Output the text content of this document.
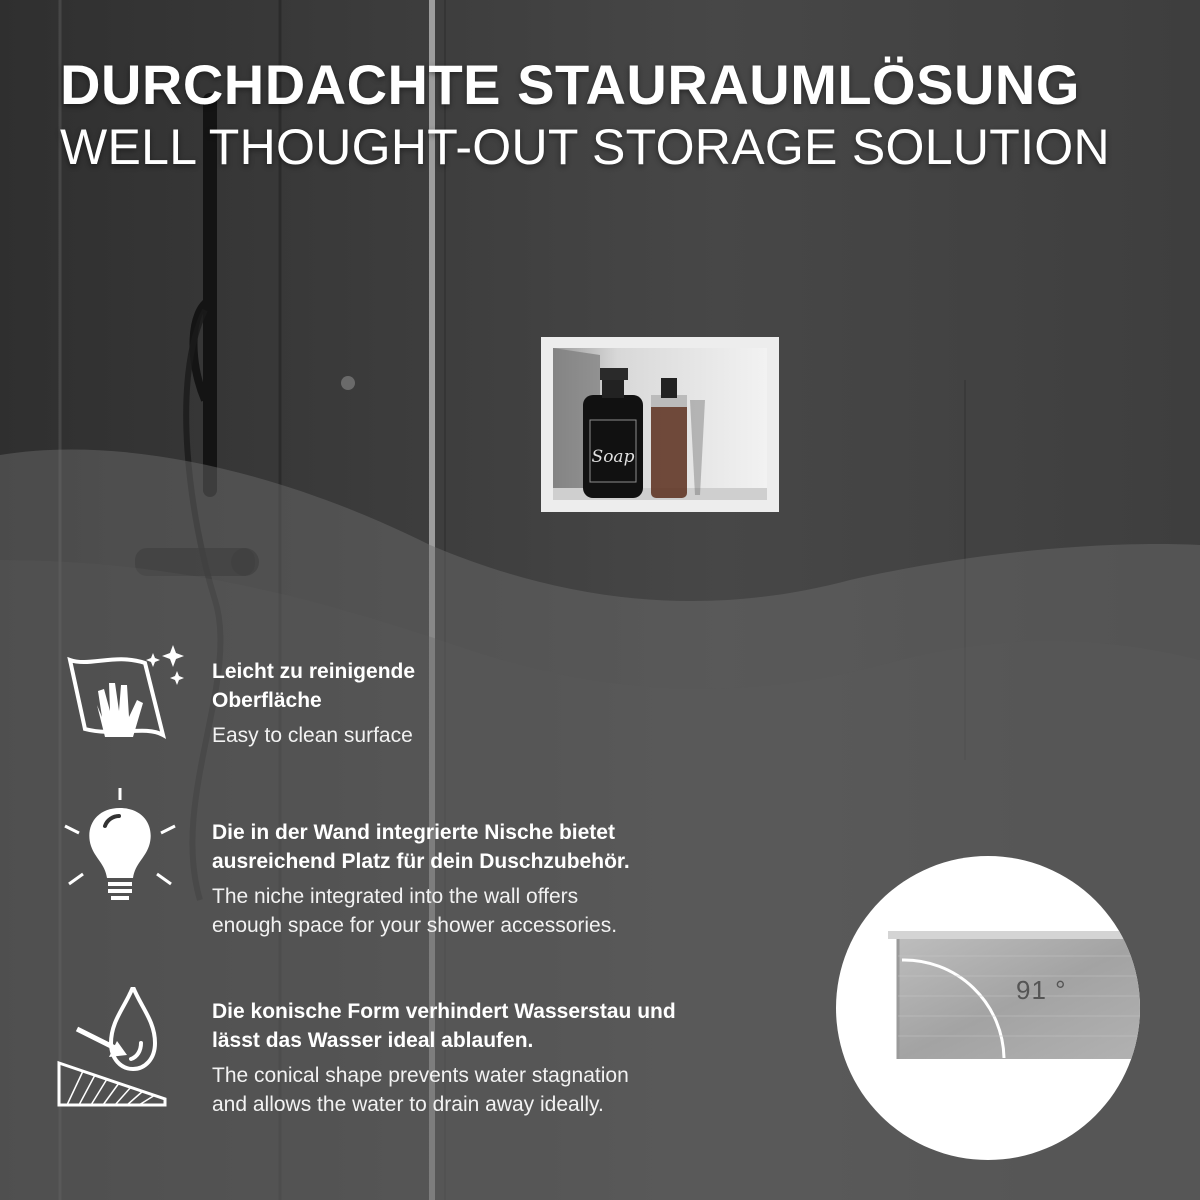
Soap
DURCHDACHTE STAURAUMLÖSUNG
WELL THOUGHT-OUT STORAGE SOLUTION
Leicht zu reinigende
Oberfläche
Easy to clean surface
Die in der Wand integrierte Nische bietet
ausreichend Platz für dein Duschzubehör.
The niche integrated into the wall offers
enough space for your shower accessories.
Die konische Form verhindert Wasserstau und
lässt das Wasser ideal ablaufen.
The conical shape prevents water stagnation
and allows the water to drain away ideally.
91 °
